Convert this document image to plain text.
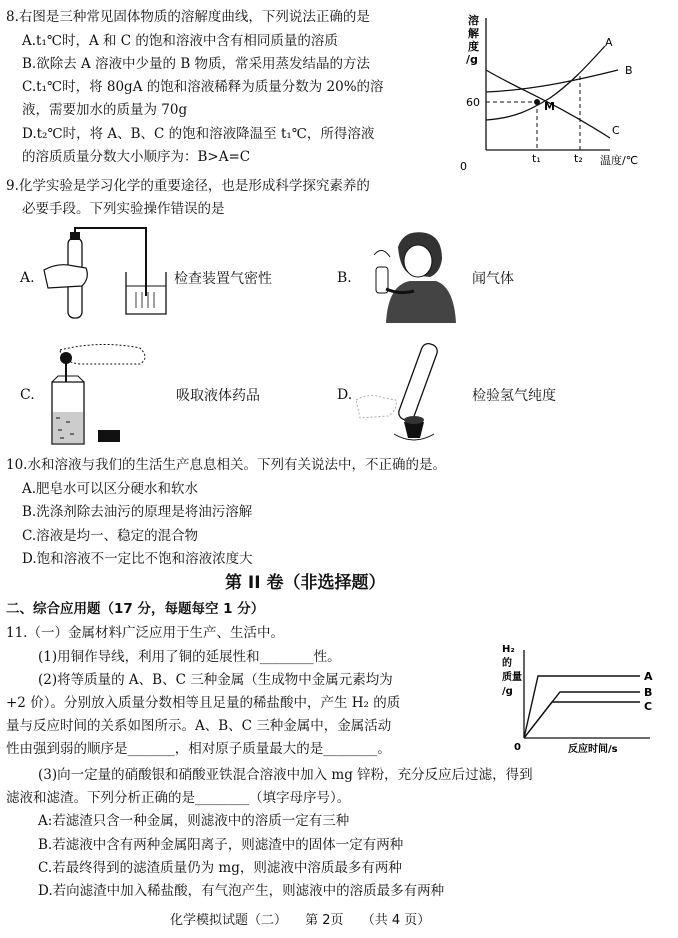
8.右图是三种常见固体物质的溶解度曲线，下列说法正确的是
A.t₁℃时，A 和 C 的饱和溶液中含有相同质量的溶质
B.欲除去 A 溶液中少量的 B 物质，常采用蒸发结晶的方法
C.t₁℃时，将 80gA 的饱和溶液稀释为质量分数为 20%的溶
液，需要加水的质量为 70g
D.t₂℃时，将 A、B、C 的饱和溶液降温至 t₁℃，所得溶液
的溶质质量分数大小顺序为：B>A=C
0
M
A
B
C
60
t₁	t₂ 温度/℃
溶
解
度
/g
9.化学实验是学习化学的重要途径，也是形成科学探究素养的
必要手段。下列实验操作错误的是
A.	检查装置气密性	B.	闻气体
C.	吸取液体药品	D.	检验氢气纯度
10.水和溶液与我们的生活生产息息相关。下列有关说法中，不正确的是。
A.肥皂水可以区分硬水和软水
B.洗涤剂除去油污的原理是将油污溶解
C.溶液是均一、稳定的混合物
D.饱和溶液不一定比不饱和溶液浓度大
第 II 卷（非选择题）
二、综合应用题（17 分，每题每空 1 分）
11.（一）金属材料广泛应用于生产、生活中。
(1)用铜作导线，利用了铜的延展性和________性。
(2)将等质量的 A、B、C 三种金属（生成物中金属元素均为
+2 价）。分别放入质量分数相等且足量的稀盐酸中，产生 H₂ 的质
量与反应时间的关系如图所示。A、B、C 三种金属中，金属活动
性由强到弱的顺序是_______，相对原子质量最大的是________。
H₂
的
质量
/g
0	反应时间/s
A
B
C
(3)向一定量的硝酸银和硝酸亚铁混合溶液中加入 mg 锌粉，充分反应后过滤，得到
滤液和滤渣。下列分析正确的是________（填字母序号）。
A:若滤渣只含一种金属，则滤液中的溶质一定有三种
B.若滤液中含有两种金属阳离子，则滤渣中的固体一定有两种
C.若最终得到的滤渣质量仍为 mg，则滤液中溶质最多有两种
D.若向滤渣中加入稀盐酸，有气泡产生，则滤液中的溶质最多有两种
化学模拟试题（二） 第 2页 （共 4 页）
